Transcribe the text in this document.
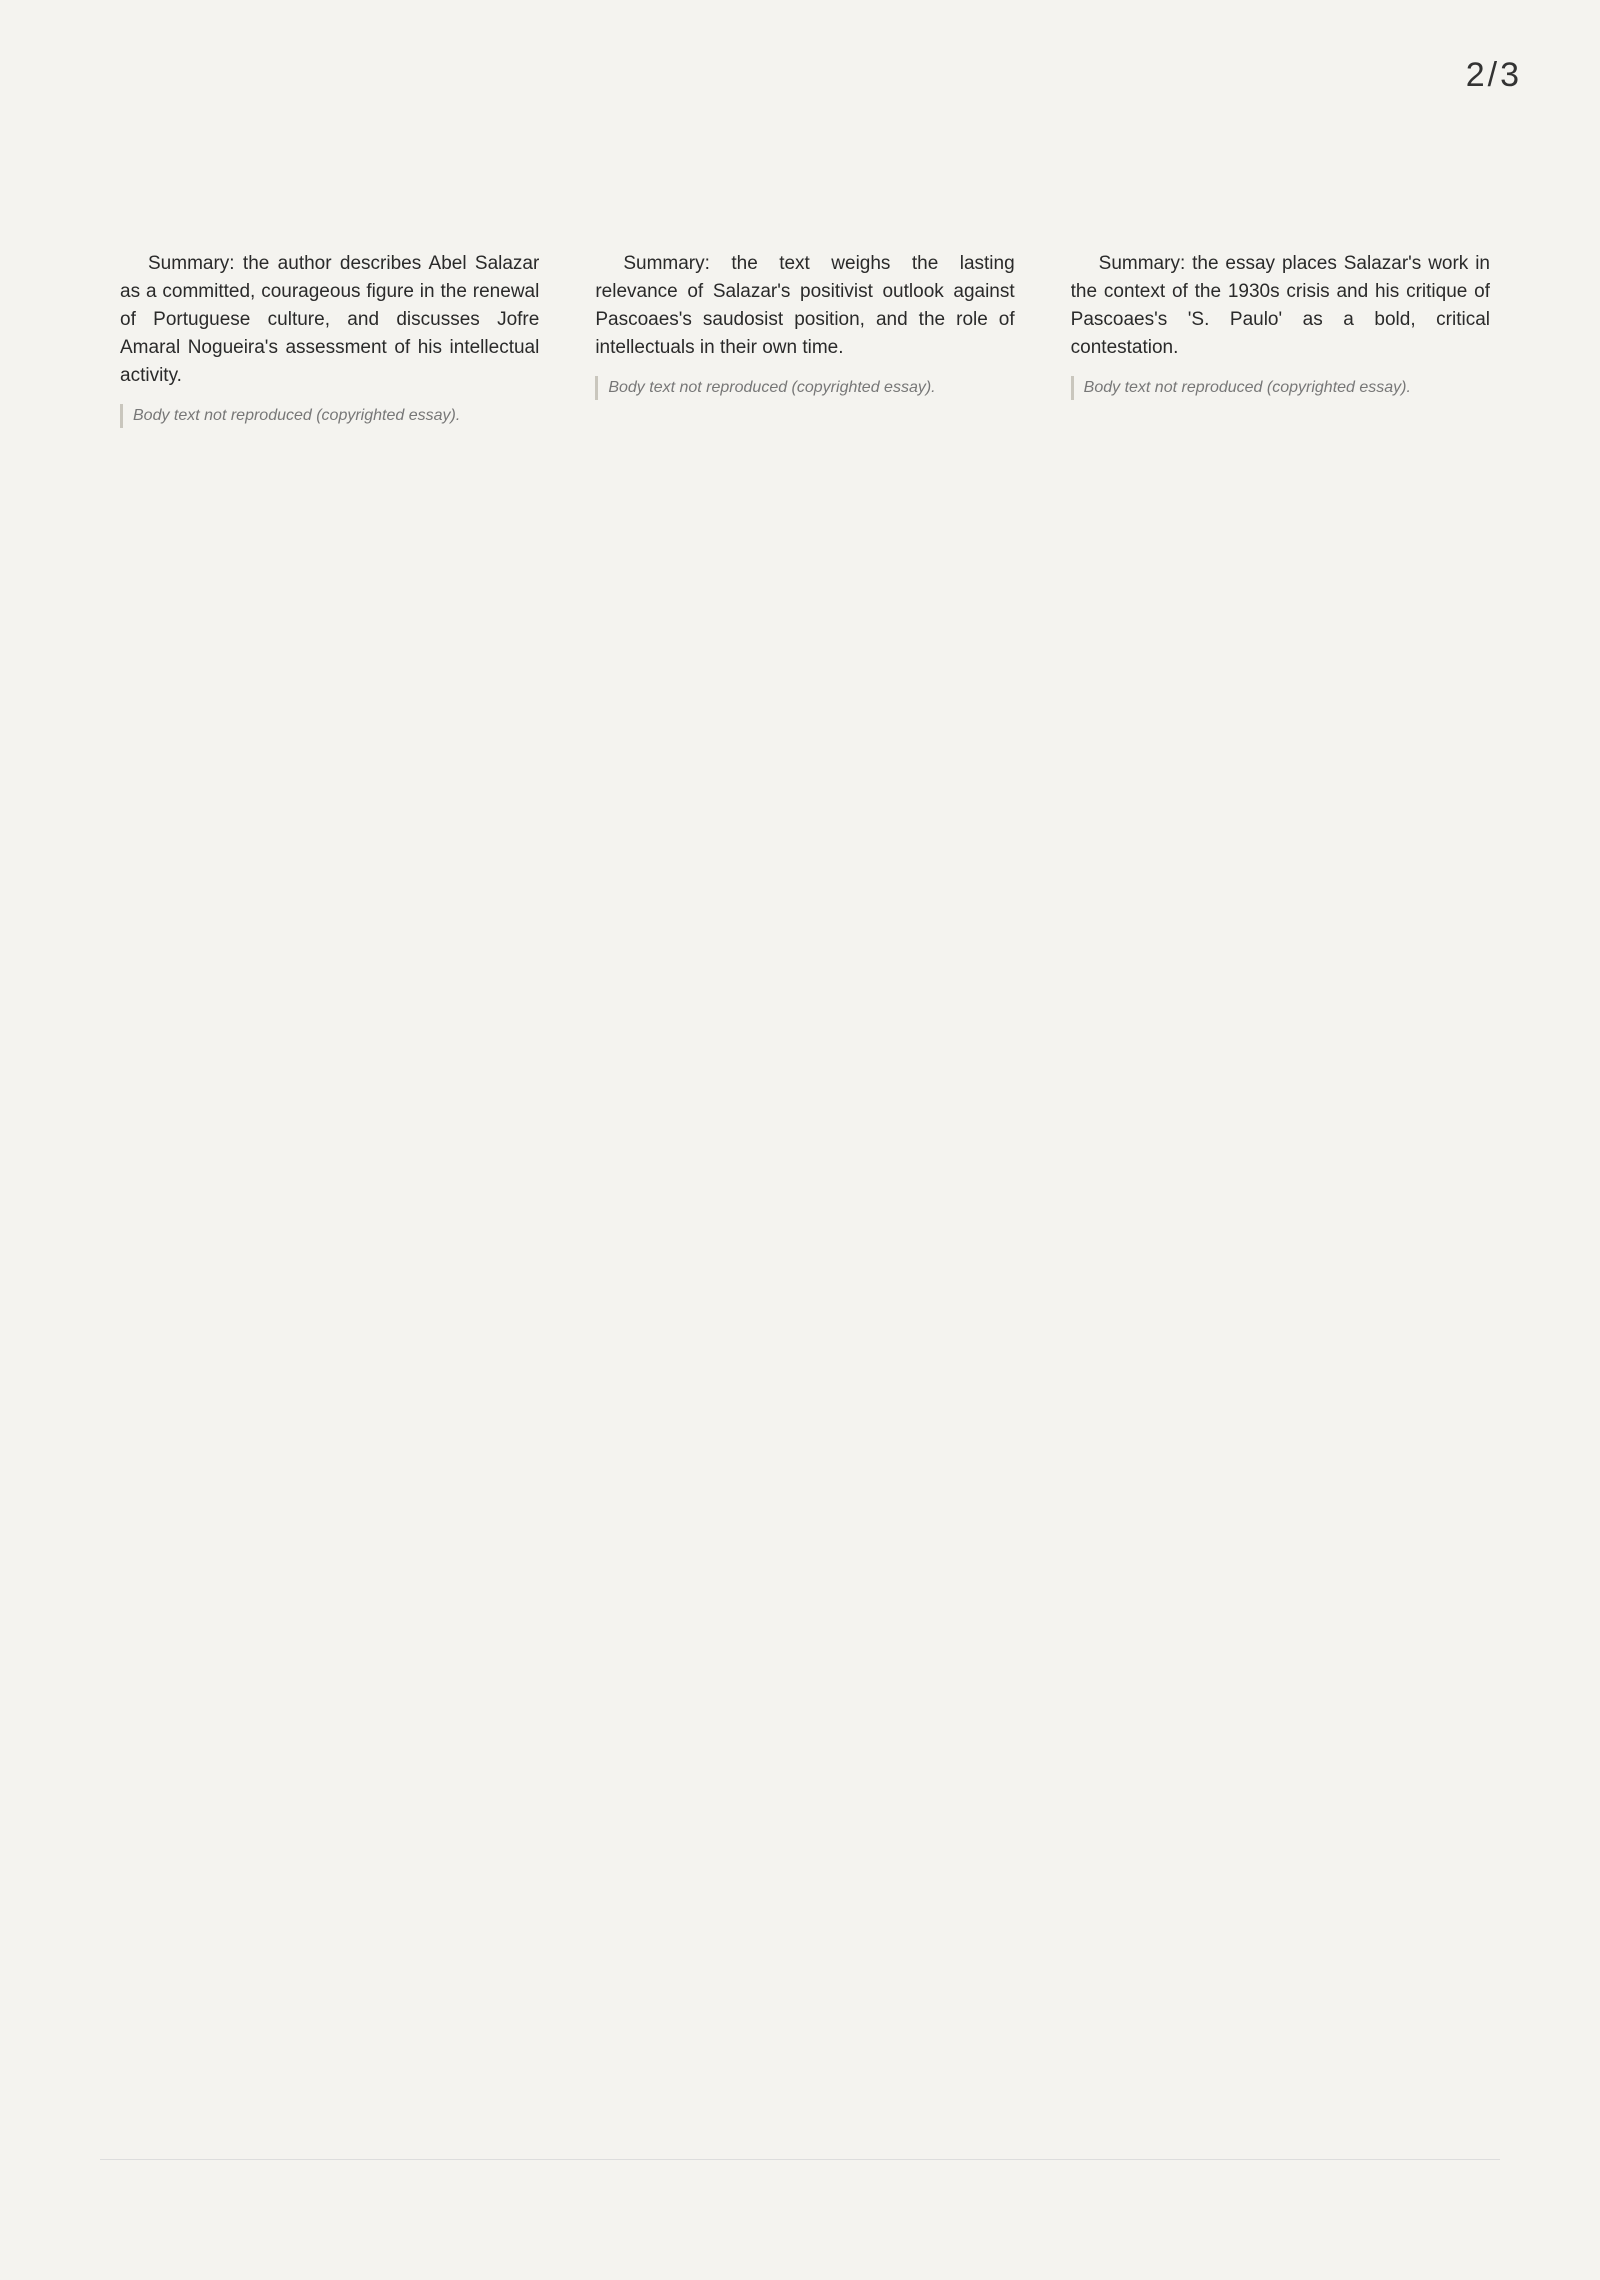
2/3

Summary: the author describes Abel Salazar as a committed, courageous figure in the renewal of Portuguese culture, and discusses Jofre Amaral Nogueira's assessment of his intellectual activity.

Body text not reproduced (copyrighted essay).

Summary: the text weighs the lasting relevance of Salazar's positivist outlook against Pascoaes's saudosist position, and the role of intellectuals in their own time.

Body text not reproduced (copyrighted essay).

Summary: the essay places Salazar's work in the context of the 1930s crisis and his critique of Pascoaes's 'S. Paulo' as a bold, critical contestation.

Body text not reproduced (copyrighted essay).
